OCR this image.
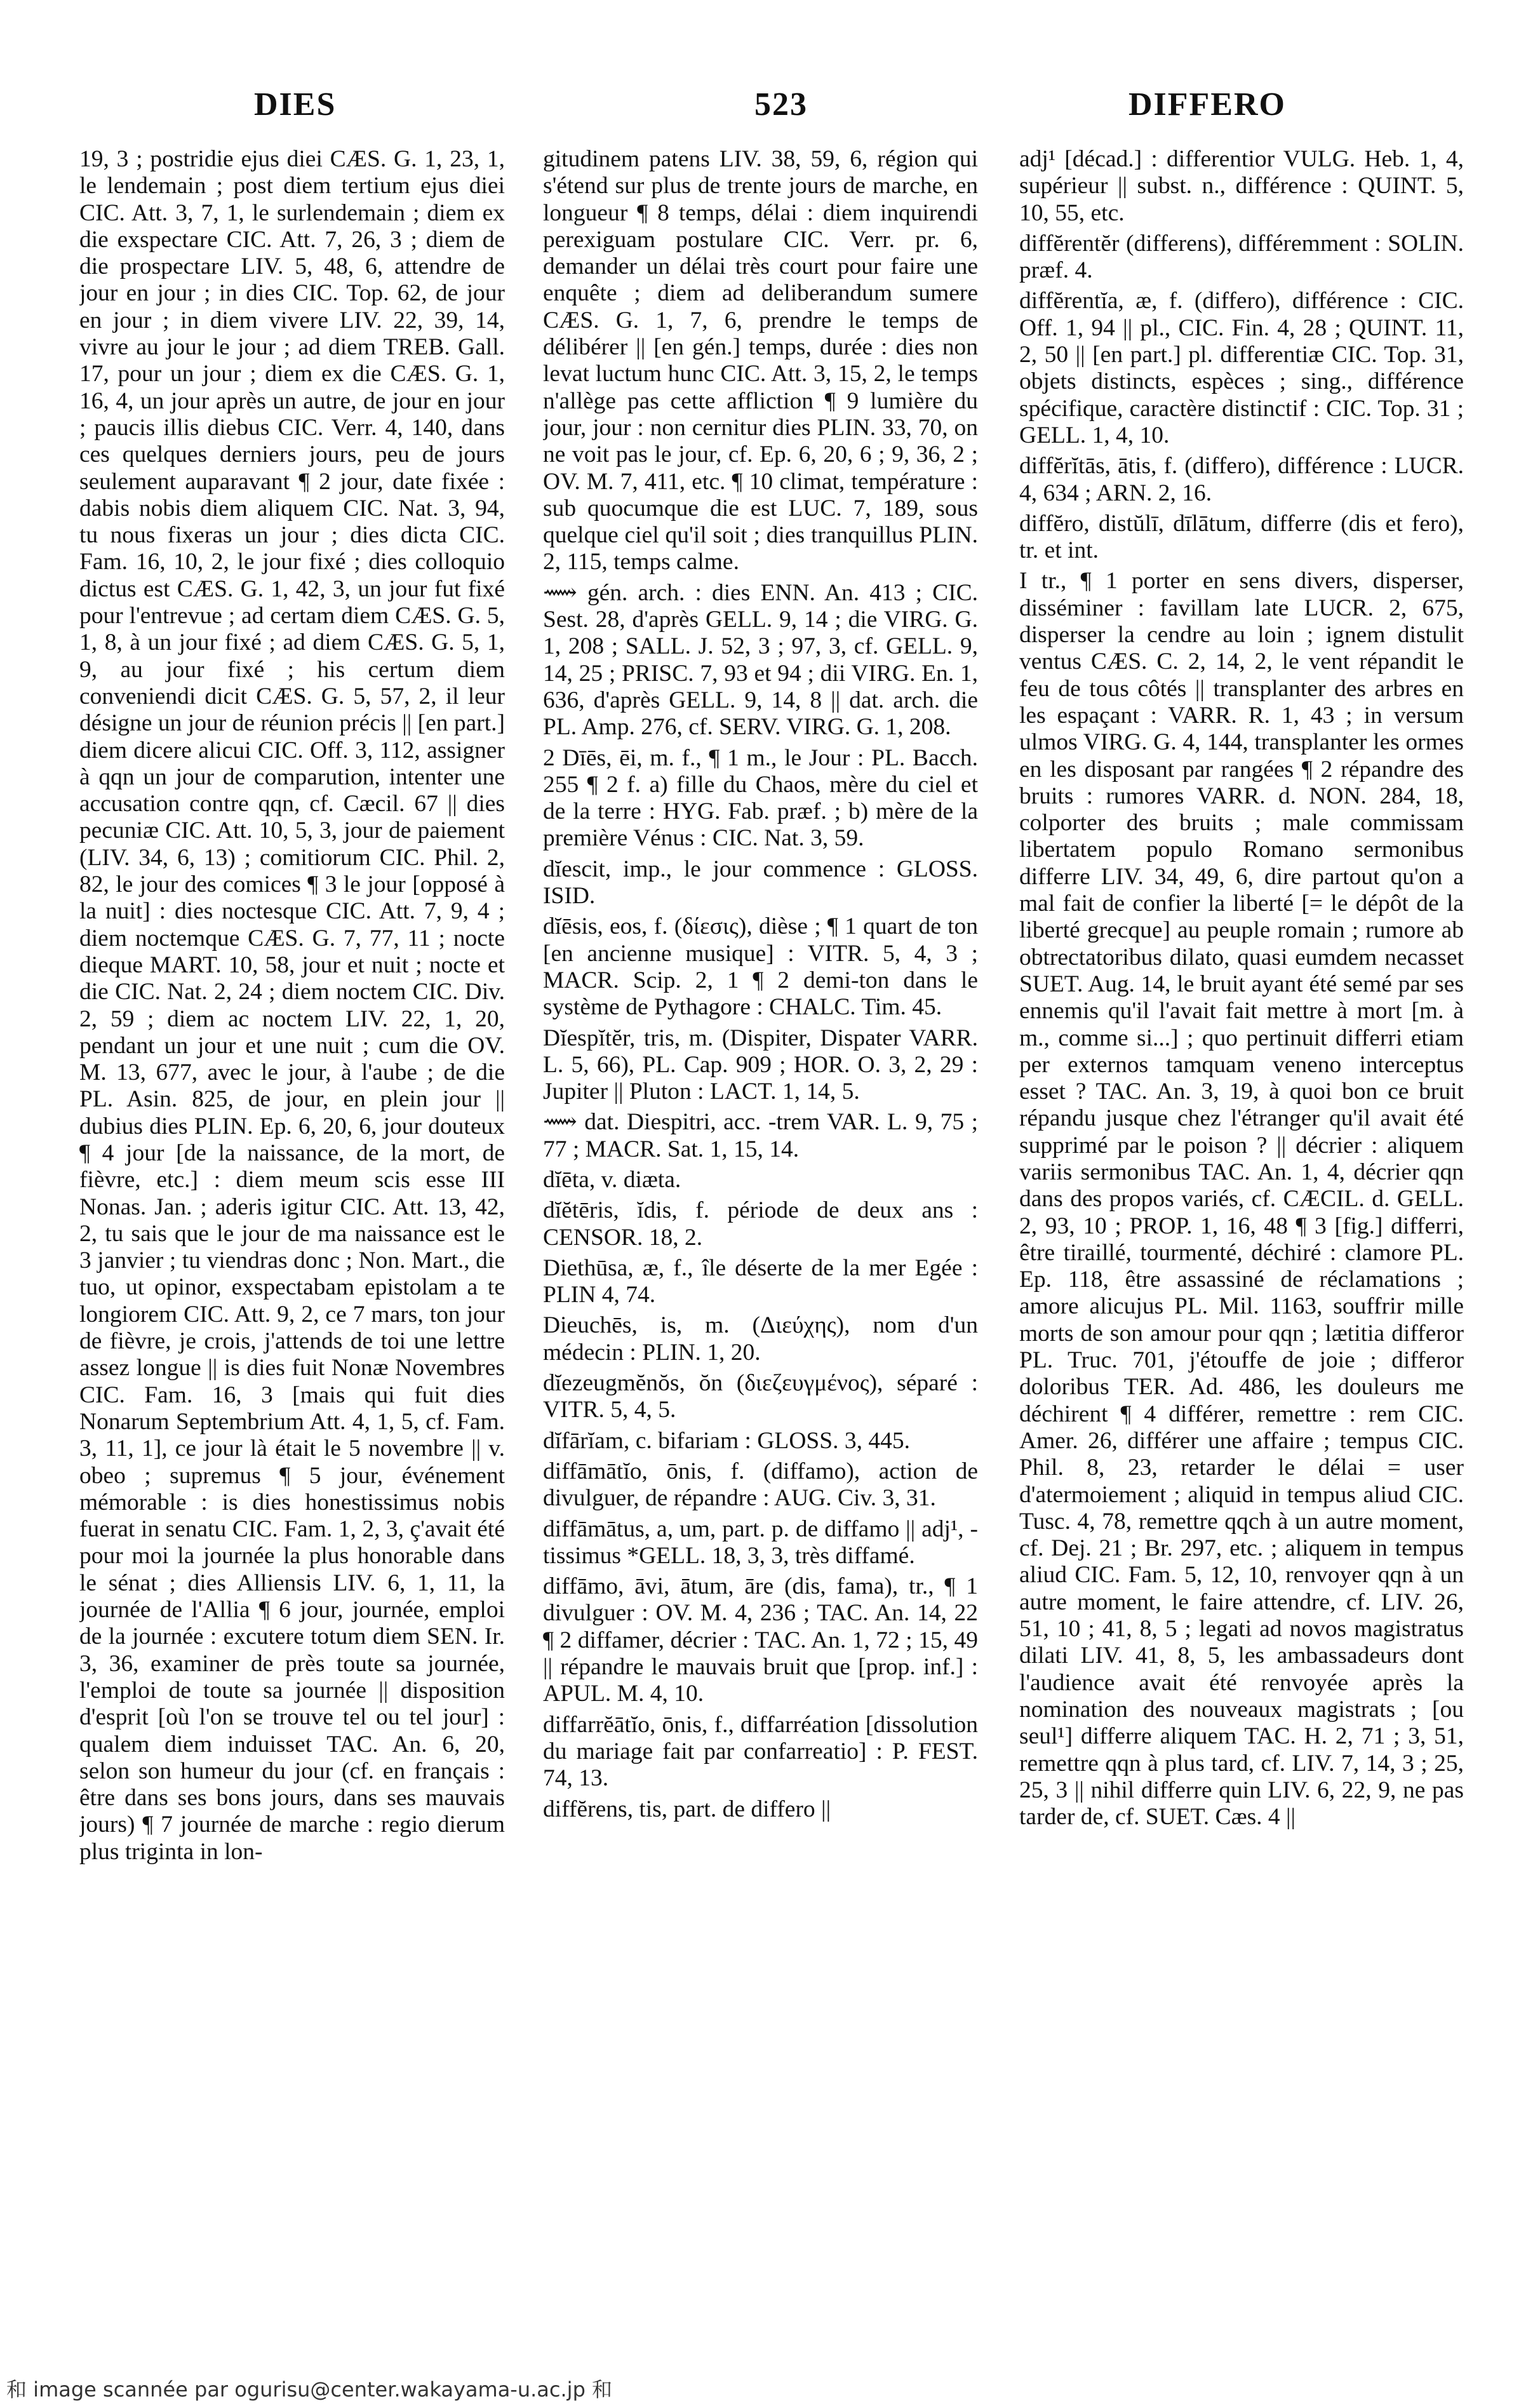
DIES	523	DIFFERO

19, 3 ; postridie ejus diei CÆS. G. 1, 23, 1, le lendemain ; post diem tertium ejus diei CIC. Att. 3, 7, 1, le surlendemain ; diem ex die exspectare CIC. Att. 7, 26, 3 ; diem de die prospectare LIV. 5, 48, 6, attendre de jour en jour ; in dies CIC. Top. 62, de jour en jour ; in diem vivere LIV. 22, 39, 14, vivre au jour le jour ; ad diem TREB. Gall. 17, pour un jour ; diem ex die CÆS. G. 1, 16, 4, un jour après un autre, de jour en jour ; paucis illis diebus CIC. Verr. 4, 140, dans ces quelques derniers jours, peu de jours seulement auparavant ¶ 2 jour, date fixée : dabis nobis diem aliquem CIC. Nat. 3, 94, tu nous fixeras un jour ; dies dicta CIC. Fam. 16, 10, 2, le jour fixé ; dies colloquio dictus est CÆS. G. 1, 42, 3, un jour fut fixé pour l'entrevue ; ad certam diem CÆS. G. 5, 1, 8, à un jour fixé ; ad diem CÆS. G. 5, 1, 9, au jour fixé ; his certum diem conveniendi dicit CÆS. G. 5, 57, 2, il leur désigne un jour de réunion précis || [en part.] diem dicere alicui CIC. Off. 3, 112, assigner à qqn un jour de comparution, intenter une accusation contre qqn, cf. Cæcil. 67 || dies pecuniæ CIC. Att. 10, 5, 3, jour de paiement (LIV. 34, 6, 13) ; comitiorum CIC. Phil. 2, 82, le jour des comices ¶ 3 le jour [opposé à la nuit] : dies noctesque CIC. Att. 7, 9, 4 ; diem noctemque CÆS. G. 7, 77, 11 ; nocte dieque MART. 10, 58, jour et nuit ; nocte et die CIC. Nat. 2, 24 ; diem noctem CIC. Div. 2, 59 ; diem ac noctem LIV. 22, 1, 20, pendant un jour et une nuit ; cum die OV. M. 13, 677, avec le jour, à l'aube ; de die PL. Asin. 825, de jour, en plein jour || dubius dies PLIN. Ep. 6, 20, 6, jour douteux ¶ 4 jour [de la naissance, de la mort, de fièvre, etc.] : diem meum scis esse III Nonas. Jan. ; aderis igitur CIC. Att. 13, 42, 2, tu sais que le jour de ma naissance est le 3 janvier ; tu viendras donc ; Non. Mart., die tuo, ut opinor, exspectabam epistolam a te longiorem CIC. Att. 9, 2, ce 7 mars, ton jour de fièvre, je crois, j'attends de toi une lettre assez longue || is dies fuit Nonæ Novembres CIC. Fam. 16, 3 [mais qui fuit dies Nonarum Septembrium Att. 4, 1, 5, cf. Fam. 3, 11, 1], ce jour là était le 5 novembre || v. obeo ; supremus ¶ 5 jour, événement mémorable : is dies honestissimus nobis fuerat in senatu CIC. Fam. 1, 2, 3, ç'avait été pour moi la journée la plus honorable dans le sénat ; dies Alliensis LIV. 6, 1, 11, la journée de l'Allia ¶ 6 jour, journée, emploi de la journée : excutere totum diem SEN. Ir. 3, 36, examiner de près toute sa journée, l'emploi de toute sa journée || disposition d'esprit [où l'on se trouve tel ou tel jour] : qualem diem induisset TAC. An. 6, 20, selon son humeur du jour (cf. en français : être dans ses bons jours, dans ses mauvais jours) ¶ 7 journée de marche : regio dierum plus triginta in lon-

gitudinem patens LIV. 38, 59, 6, région qui s'étend sur plus de trente jours de marche, en longueur ¶ 8 temps, délai : diem inquirendi perexiguam postulare CIC. Verr. pr. 6, demander un délai très court pour faire une enquête ; diem ad deliberandum sumere CÆS. G. 1, 7, 6, prendre le temps de délibérer || [en gén.] temps, durée : dies non levat luctum hunc CIC. Att. 3, 15, 2, le temps n'allège pas cette affliction ¶ 9 lumière du jour, jour : non cernitur dies PLIN. 33, 70, on ne voit pas le jour, cf. Ep. 6, 20, 6 ; 9, 36, 2 ; OV. M. 7, 411, etc. ¶ 10 climat, température : sub quocumque die est LUC. 7, 189, sous quelque ciel qu'il soit ; dies tranquillus PLIN. 2, 115, temps calme.

⟿ gén. arch. : dies ENN. An. 413 ; CIC. Sest. 28, d'après GELL. 9, 14 ; die VIRG. G. 1, 208 ; SALL. J. 52, 3 ; 97, 3, cf. GELL. 9, 14, 25 ; PRISC. 7, 93 et 94 ; dii VIRG. En. 1, 636, d'après GELL. 9, 14, 8 || dat. arch. die PL. Amp. 276, cf. SERV. VIRG. G. 1, 208.

2 Dīēs, ēi, m. f., ¶ 1 m., le Jour : PL. Bacch. 255 ¶ 2 f. a) fille du Chaos, mère du ciel et de la terre : HYG. Fab. præf. ; b) mère de la première Vénus : CIC. Nat. 3, 59.

dĭescit, imp., le jour commence : GLOSS. ISID.

dĭēsis, eos, f. (δίεσις), dièse ; ¶ 1 quart de ton [en ancienne musique] : VITR. 5, 4, 3 ; MACR. Scip. 2, 1 ¶ 2 demi-ton dans le système de Pythagore : CHALC. Tim. 45.

Dĭespĭtĕr, tris, m. (Dispiter, Dispater VARR. L. 5, 66), PL. Cap. 909 ; HOR. O. 3, 2, 29 : Jupiter || Pluton : LACT. 1, 14, 5.

⟿ dat. Diespitri, acc. -trem VAR. L. 9, 75 ; 77 ; MACR. Sat. 1, 15, 14.

dĭēta, v. diæta.

dĭĕtēris, ĭdis, f. période de deux ans : CENSOR. 18, 2.

Diethūsa, æ, f., île déserte de la mer Egée : PLIN 4, 74.

Dieuchēs, is, m. (Διεύχης), nom d'un médecin : PLIN. 1, 20.

dĭezeugmĕnŏs, ŏn (διεζευγμένος), séparé : VITR. 5, 4, 5.

dĭfārĭam, c. bifariam : GLOSS. 3, 445.

diffāmātĭo, ōnis, f. (diffamo), action de divulguer, de répandre : AUG. Civ. 3, 31.

diffāmātus, a, um, part. p. de diffamo || adj¹, -tissimus *GELL. 18, 3, 3, très diffamé.

diffāmo, āvi, ātum, āre (dis, fama), tr., ¶ 1 divulguer : OV. M. 4, 236 ; TAC. An. 14, 22 ¶ 2 diffamer, décrier : TAC. An. 1, 72 ; 15, 49 || répandre le mauvais bruit que [prop. inf.] : APUL. M. 4, 10.

diffarrĕātĭo, ōnis, f., diffarréation [dissolution du mariage fait par confarreatio] : P. FEST. 74, 13.

diffĕrens, tis, part. de differo ||

adj¹ [décad.] : differentior VULG. Heb. 1, 4, supérieur || subst. n., différence : QUINT. 5, 10, 55, etc.

diffĕrentĕr (differens), différemment : SOLIN. præf. 4.

diffĕrentĭa, æ, f. (differo), différence : CIC. Off. 1, 94 || pl., CIC. Fin. 4, 28 ; QUINT. 11, 2, 50 || [en part.] pl. differentiæ CIC. Top. 31, objets distincts, espèces ; sing., différence spécifique, caractère distinctif : CIC. Top. 31 ; GELL. 1, 4, 10.

diffĕrĭtās, ātis, f. (differo), différence : LUCR. 4, 634 ; ARN. 2, 16.

diffĕro, distŭlī, dīlātum, differre (dis et fero), tr. et int.

I tr., ¶ 1 porter en sens divers, disperser, disséminer : favillam late LUCR. 2, 675, disperser la cendre au loin ; ignem distulit ventus CÆS. C. 2, 14, 2, le vent répandit le feu de tous côtés || transplanter des arbres en les espaçant : VARR. R. 1, 43 ; in versum ulmos VIRG. G. 4, 144, transplanter les ormes en les disposant par rangées ¶ 2 répandre des bruits : rumores VARR. d. NON. 284, 18, colporter des bruits ; male commissam libertatem populo Romano sermonibus differre LIV. 34, 49, 6, dire partout qu'on a mal fait de confier la liberté [= le dépôt de la liberté grecque] au peuple romain ; rumore ab obtrectatoribus dilato, quasi eumdem necasset SUET. Aug. 14, le bruit ayant été semé par ses ennemis qu'il l'avait fait mettre à mort [m. à m., comme si...] ; quo pertinuit differri etiam per externos tamquam veneno interceptus esset ? TAC. An. 3, 19, à quoi bon ce bruit répandu jusque chez l'étranger qu'il avait été supprimé par le poison ? || décrier : aliquem variis sermonibus TAC. An. 1, 4, décrier qqn dans des propos variés, cf. CÆCIL. d. GELL. 2, 93, 10 ; PROP. 1, 16, 48 ¶ 3 [fig.] differri, être tiraillé, tourmenté, déchiré : clamore PL. Ep. 118, être assassiné de réclamations ; amore alicujus PL. Mil. 1163, souffrir mille morts de son amour pour qqn ; lætitia differor PL. Truc. 701, j'étouffe de joie ; differor doloribus TER. Ad. 486, les douleurs me déchirent ¶ 4 différer, remettre : rem CIC. Amer. 26, différer une affaire ; tempus CIC. Phil. 8, 23, retarder le délai = user d'atermoiement ; aliquid in tempus aliud CIC. Tusc. 4, 78, remettre qqch à un autre moment, cf. Dej. 21 ; Br. 297, etc. ; aliquem in tempus aliud CIC. Fam. 5, 12, 10, renvoyer qqn à un autre moment, le faire attendre, cf. LIV. 26, 51, 10 ; 41, 8, 5 ; legati ad novos magistratus dilati LIV. 41, 8, 5, les ambassadeurs dont l'audience avait été renvoyée après la nomination des nouveaux magistrats ; [ou seul¹] differre aliquem TAC. H. 2, 71 ; 3, 51, remettre qqn à plus tard, cf. LIV. 7, 14, 3 ; 25, 25, 3 || nihil differre quin LIV. 6, 22, 9, ne pas tarder de, cf. SUET. Cæs. 4 ||

和 image scannée par ogurisu@center.wakayama-u.ac.jp 和
